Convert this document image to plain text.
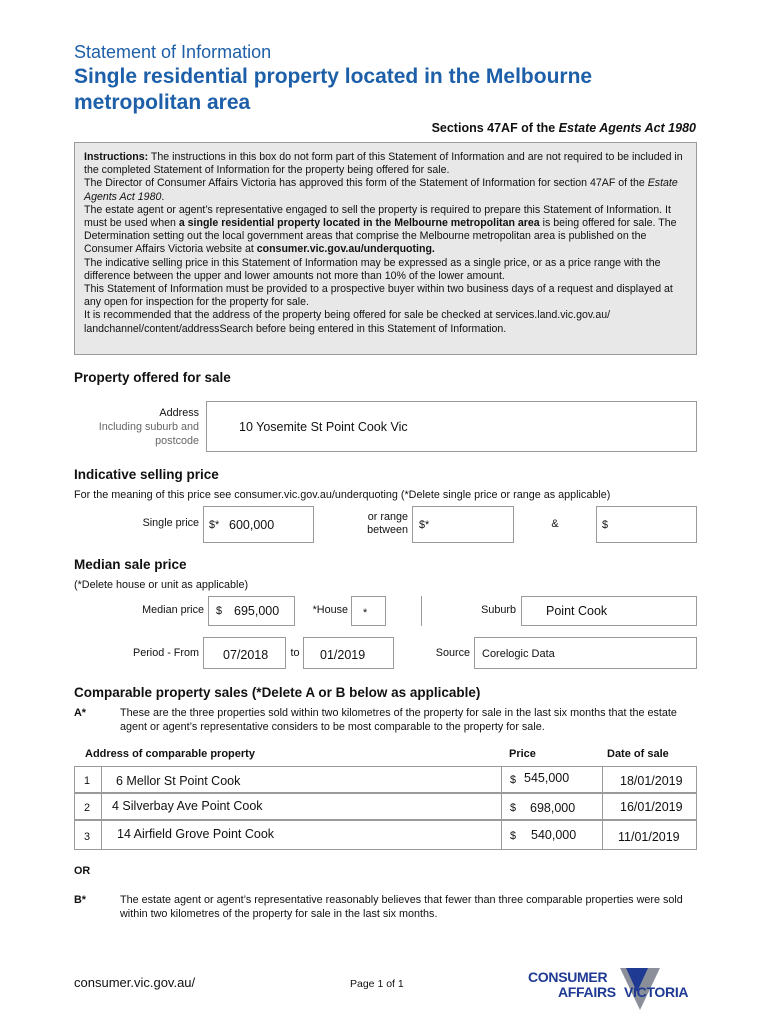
Statement of Information
Single residential property located in the Melbourne metropolitan area
Sections 47AF of the Estate Agents Act 1980

Instructions: The instructions in this box do not form part of this Statement of Information and are not required to be included in the completed Statement of Information for the property being offered for sale.

The Director of Consumer Affairs Victoria has approved this form of the Statement of Information for section 47AF of the Estate Agents Act 1980.

The estate agent or agent’s representative engaged to sell the property is required to prepare this Statement of Information. It must be used when a single residential property located in the Melbourne metropolitan area is being offered for sale. The Determination setting out the local government areas that comprise the Melbourne metropolitan area is published on the Consumer Affairs Victoria website at consumer.vic.gov.au/underquoting.

The indicative selling price in this Statement of Information may be expressed as a single price, or as a price range with the difference between the upper and lower amounts not more than 10% of the lower amount.

This Statement of Information must be provided to a prospective buyer within two business days of a request and displayed at any open for inspection for the property for sale.

It is recommended that the address of the property being offered for sale be checked at services.land.vic.gov.au/ landchannel/content/addressSearch before being entered in this Statement of Information.

Property offered for sale
Address
Including suburb and
postcode
10 Yosemite St Point Cook Vic
Indicative selling price
For the meaning of this price see consumer.vic.gov.au/underquoting (*Delete single price or range as applicable)
Single price $* 600,000
or range
between $*	&	$
Median sale price
(*Delete house or unit as applicable)
Median price $ 695,000	*House *	Suburb Point Cook
Period - From 07/2018 to 01/2019	Source Corelogic Data
Comparable property sales (*Delete A or B below as applicable)
A*	These are the three properties sold within two kilometres of the property for sale in the last six months that the estate agent or agent’s representative considers to be most comparable to the property for sale.
Address of comparable property	Price	Date of sale
1 6 Mellor St Point Cook	$ 545,000	18/01/2019
2 4 Silverbay Ave Point Cook	$ 698,000	16/01/2019
3 14 Airfield Grove Point Cook	$ 540,000	11/01/2019
OR
B*	The estate agent or agent’s representative reasonably believes that fewer than three comparable properties were sold within two kilometres of the property for sale in the last six months.
consumer.vic.gov.au/	Page 1 of 1	CONSUMER
AFFAIRS VICTORIA
